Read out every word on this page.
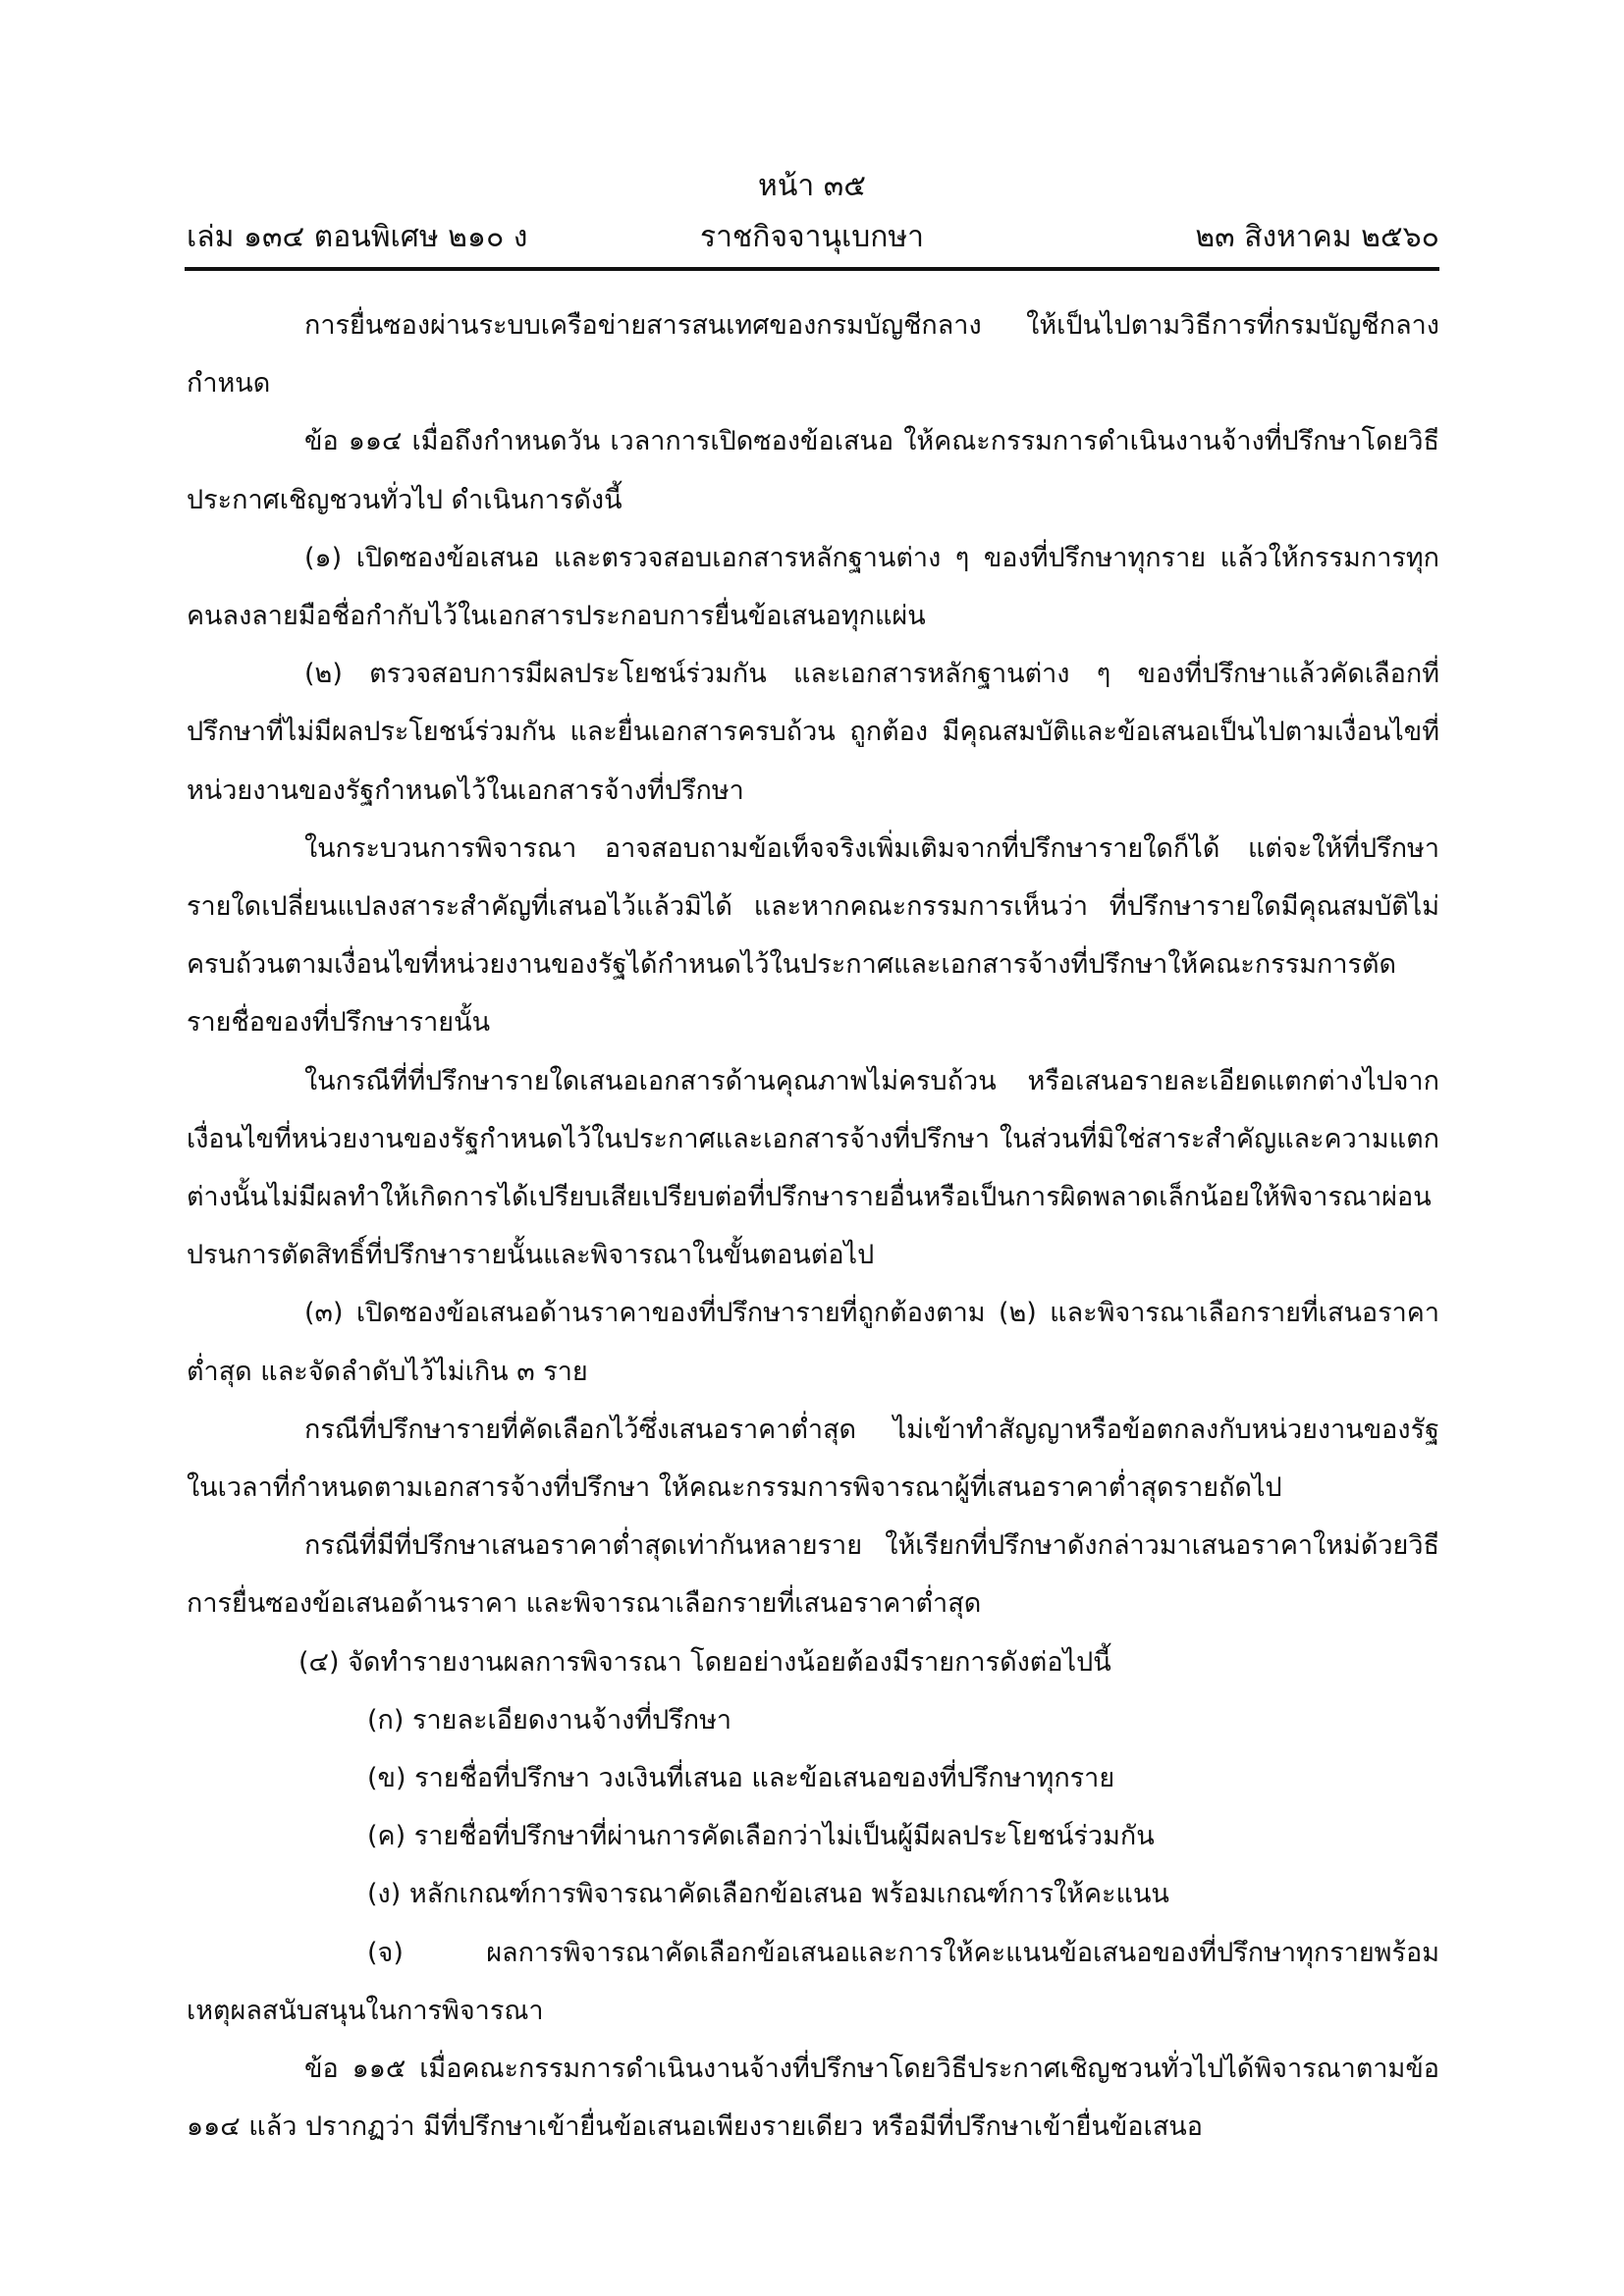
หน้า ๓๕
เล่ม ๑๓๔ ตอนพิเศษ ๒๑๐ ง	ราชกิจจานุเบกษา	๒๓ สิงหาคม ๒๕๖๐

การยื่นซองผ่านระบบเครือข่ายสารสนเทศของกรมบัญชีกลาง ให้เป็นไปตามวิธีการที่กรมบัญชีกลางกำหนด

ข้อ ๑๑๔ เมื่อถึงกำหนดวัน เวลาการเปิดซองข้อเสนอ ให้คณะกรรมการดำเนินงานจ้างที่ปรึกษาโดยวิธีประกาศเชิญชวนทั่วไป ดำเนินการดังนี้

(๑) เปิดซองข้อเสนอ และตรวจสอบเอกสารหลักฐานต่าง ๆ ของที่ปรึกษาทุกราย แล้วให้กรรมการทุกคนลงลายมือชื่อกำกับไว้ในเอกสารประกอบการยื่นข้อเสนอทุกแผ่น

(๒) ตรวจสอบการมีผลประโยชน์ร่วมกัน และเอกสารหลักฐานต่าง ๆ ของที่ปรึกษาแล้วคัดเลือกที่ปรึกษาที่ไม่มีผลประโยชน์ร่วมกัน และยื่นเอกสารครบถ้วน ถูกต้อง มีคุณสมบัติและข้อเสนอเป็นไปตามเงื่อนไขที่หน่วยงานของรัฐกำหนดไว้ในเอกสารจ้างที่ปรึกษา

ในกระบวนการพิจารณา อาจสอบถามข้อเท็จจริงเพิ่มเติมจากที่ปรึกษารายใดก็ได้ แต่จะให้ที่ปรึกษารายใดเปลี่ยนแปลงสาระสำคัญที่เสนอไว้แล้วมิได้ และหากคณะกรรมการเห็นว่า ที่ปรึกษารายใดมีคุณสมบัติไม่ครบถ้วนตามเงื่อนไขที่หน่วยงานของรัฐได้กำหนดไว้ในประกาศและเอกสารจ้างที่ปรึกษาให้คณะกรรมการตัดรายชื่อของที่ปรึกษารายนั้น

ในกรณีที่ที่ปรึกษารายใดเสนอเอกสารด้านคุณภาพไม่ครบถ้วน หรือเสนอรายละเอียดแตกต่างไปจากเงื่อนไขที่หน่วยงานของรัฐกำหนดไว้ในประกาศและเอกสารจ้างที่ปรึกษา ในส่วนที่มิใช่สาระสำคัญและความแตกต่างนั้นไม่มีผลทำให้เกิดการได้เปรียบเสียเปรียบต่อที่ปรึกษารายอื่นหรือเป็นการผิดพลาดเล็กน้อยให้พิจารณาผ่อนปรนการตัดสิทธิ์ที่ปรึกษารายนั้นและพิจารณาในขั้นตอนต่อไป

(๓) เปิดซองข้อเสนอด้านราคาของที่ปรึกษารายที่ถูกต้องตาม (๒) และพิจารณาเลือกรายที่เสนอราคาต่ำสุด และจัดลำดับไว้ไม่เกิน ๓ ราย

กรณีที่ปรึกษารายที่คัดเลือกไว้ซึ่งเสนอราคาต่ำสุด ไม่เข้าทำสัญญาหรือข้อตกลงกับหน่วยงานของรัฐในเวลาที่กำหนดตามเอกสารจ้างที่ปรึกษา ให้คณะกรรมการพิจารณาผู้ที่เสนอราคาต่ำสุดรายถัดไป

กรณีที่มีที่ปรึกษาเสนอราคาต่ำสุดเท่ากันหลายราย ให้เรียกที่ปรึกษาดังกล่าวมาเสนอราคาใหม่ด้วยวิธีการยื่นซองข้อเสนอด้านราคา และพิจารณาเลือกรายที่เสนอราคาต่ำสุด

(๔) จัดทำรายงานผลการพิจารณา โดยอย่างน้อยต้องมีรายการดังต่อไปนี้

(ก) รายละเอียดงานจ้างที่ปรึกษา

(ข) รายชื่อที่ปรึกษา วงเงินที่เสนอ และข้อเสนอของที่ปรึกษาทุกราย

(ค) รายชื่อที่ปรึกษาที่ผ่านการคัดเลือกว่าไม่เป็นผู้มีผลประโยชน์ร่วมกัน

(ง) หลักเกณฑ์การพิจารณาคัดเลือกข้อเสนอ พร้อมเกณฑ์การให้คะแนน

(จ) ผลการพิจารณาคัดเลือกข้อเสนอและการให้คะแนนข้อเสนอของที่ปรึกษาทุกรายพร้อมเหตุผลสนับสนุนในการพิจารณา

ข้อ ๑๑๕ เมื่อคณะกรรมการดำเนินงานจ้างที่ปรึกษาโดยวิธีประกาศเชิญชวนทั่วไปได้พิจารณาตามข้อ ๑๑๔ แล้ว ปรากฏว่า มีที่ปรึกษาเข้ายื่นข้อเสนอเพียงรายเดียว หรือมีที่ปรึกษาเข้ายื่นข้อเสนอ
